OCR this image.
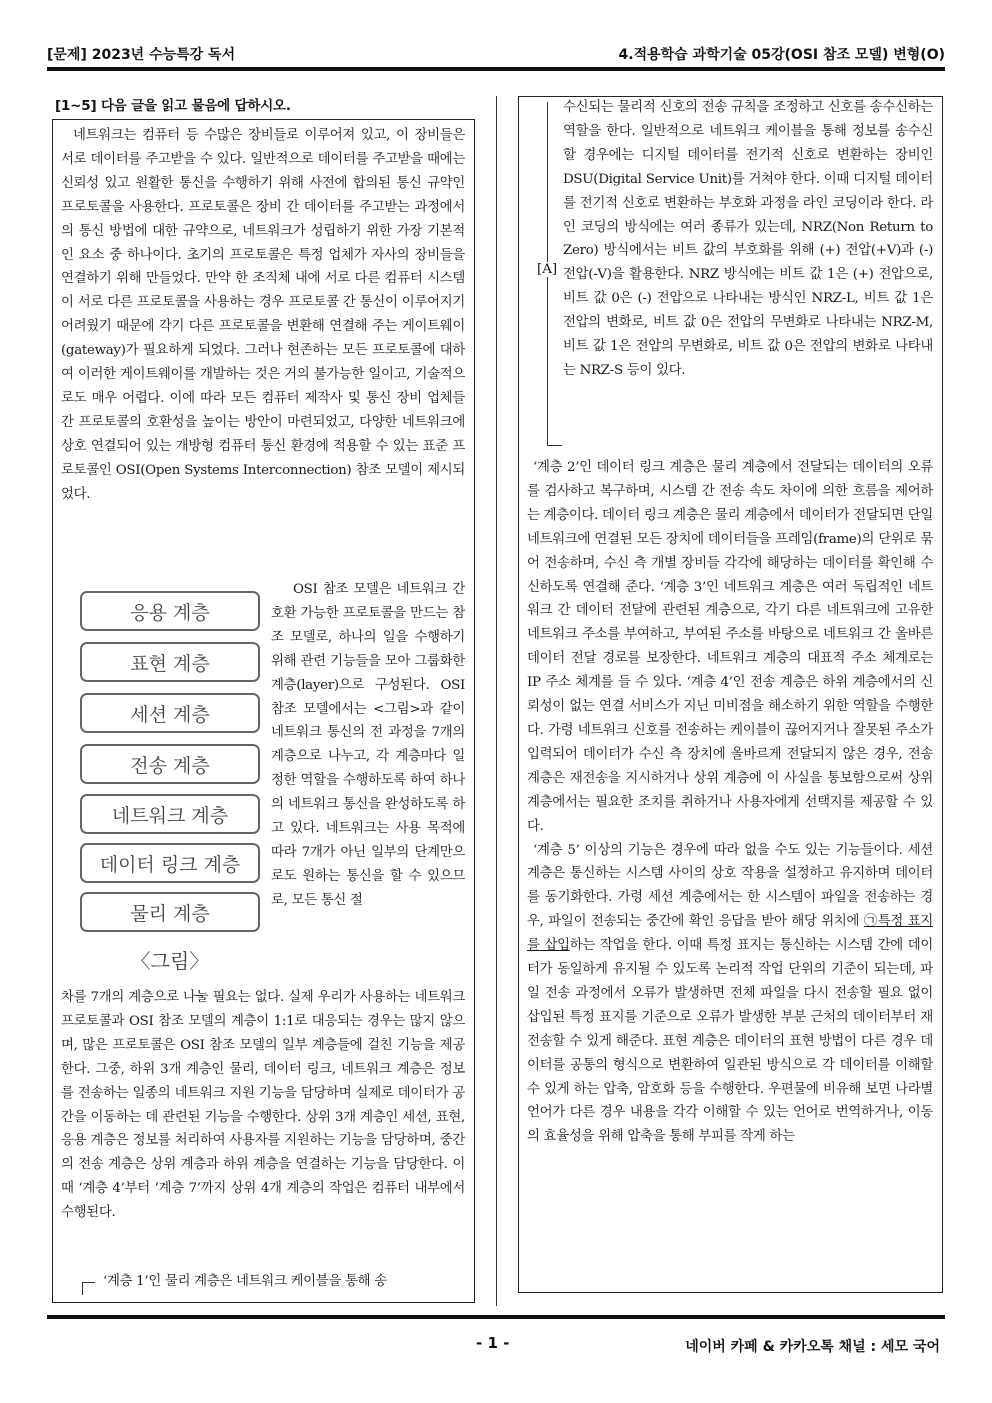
[문제] 2023년 수능특강 독서	4.적용학습 과학기술 05강(OSI 참조 모델) 변형(O)
[1~5] 다음 글을 읽고 물음에 답하시오.

네트워크는 컴퓨터 등 수많은 장비들로 이루어져 있고, 이 장비들은 서로 데이터를 주고받을 수 있다. 일반적으로 데이터를 주고받을 때에는 신뢰성 있고 원활한 통신을 수행하기 위해 사전에 합의된 통신 규약인 프로토콜을 사용한다. 프로토콜은 장비 간 데이터를 주고받는 과정에서의 통신 방법에 대한 규약으로, 네트워크가 성립하기 위한 가장 기본적인 요소 중 하나이다. 초기의 프로토콜은 특정 업체가 자사의 장비들을 연결하기 위해 만들었다. 만약 한 조직체 내에 서로 다른 컴퓨터 시스템이 서로 다른 프로토콜을 사용하는 경우 프로토콜 간 통신이 이루어지기 어려웠기 때문에 각기 다른 프로토콜을 변환해 연결해 주는 게이트웨이(gateway)가 필요하게 되었다. 그러나 현존하는 모든 프로토콜에 대하여 이러한 게이트웨이를 개발하는 것은 거의 불가능한 일이고, 기술적으로도 매우 어렵다. 이에 따라 모든 컴퓨터 제작사 및 통신 장비 업체들 간 프로토콜의 호환성을 높이는 방안이 마련되었고, 다양한 네트워크에 상호 연결되어 있는 개방형 컴퓨터 통신 환경에 적용할 수 있는 표준 프로토콜인 OSI(Open Systems Interconnection) 참조 모델이 제시되었다.

응용 계층
표현 계층
세션 계층
전송 계층
네트워크 계층
데이터 링크 계층
물리 계층
〈그림〉

OSI 참조 모델은 네트워크 간 호환 가능한 프로토콜을 만드는 참조 모델로, 하나의 일을 수행하기 위해 관련 기능들을 모아 그룹화한 계층(layer)으로 구성된다. OSI 참조 모델에서는 <그림>과 같이 네트워크 통신의 전 과정을 7개의 계층으로 나누고, 각 계층마다 일정한 역할을 수행하도록 하여 하나의 네트워크 통신을 완성하도록 하고 있다. 네트워크는 사용 목적에 따라 7개가 아닌 일부의 단계만으로도 원하는 통신을 할 수 있으므로, 모든 통신 절

차를 7개의 계층으로 나눌 필요는 없다. 실제 우리가 사용하는 네트워크 프로토콜과 OSI 참조 모델의 계층이 1:1로 대응되는 경우는 많지 않으며, 많은 프로토콜은 OSI 참조 모델의 일부 계층들에 걸친 기능을 제공한다. 그중, 하위 3개 계층인 물리, 데이터 링크, 네트워크 계층은 정보를 전송하는 일종의 네트워크 지원 기능을 담당하며 실제로 데이터가 공간을 이동하는 데 관련된 기능을 수행한다. 상위 3개 계층인 세션, 표현, 응용 계층은 정보를 처리하여 사용자를 지원하는 기능을 담당하며, 중간의 전송 계층은 상위 계층과 하위 계층을 연결하는 기능을 담당한다. 이때 ‘계층 4’부터 ‘계층 7’까지 상위 4개 계층의 작업은 컴퓨터 내부에서 수행된다.

‘계층 1’인 물리 계층은 네트워크 케이블을 통해 송

[A]

수신되는 물리적 신호의 전송 규칙을 조정하고 신호를 송수신하는 역할을 한다. 일반적으로 네트워크 케이블을 통해 정보를 송수신할 경우에는 디지털 데이터를 전기적 신호로 변환하는 장비인 DSU(Digital Service Unit)를 거쳐야 한다. 이때 디지털 데이터를 전기적 신호로 변환하는 부호화 과정을 라인 코딩이라 한다. 라인 코딩의 방식에는 여러 종류가 있는데, NRZ(Non Return to Zero) 방식에서는 비트 값의 부호화를 위해 (+) 전압(+V)과 (-) 전압(-V)을 활용한다. NRZ 방식에는 비트 값 1은 (+) 전압으로, 비트 값 0은 (-) 전압으로 나타내는 방식인 NRZ-L, 비트 값 1은 전압의 변화로, 비트 값 0은 전압의 무변화로 나타내는 NRZ-M, 비트 값 1은 전압의 무변화로, 비트 값 0은 전압의 변화로 나타내는 NRZ-S 등이 있다.

‘계층 2’인 데이터 링크 계층은 물리 계층에서 전달되는 데이터의 오류를 검사하고 복구하며, 시스템 간 전송 속도 차이에 의한 흐름을 제어하는 계층이다. 데이터 링크 계층은 물리 계층에서 데이터가 전달되면 단일 네트워크에 연결된 모든 장치에 데이터들을 프레임(frame)의 단위로 묶어 전송하며, 수신 측 개별 장비들 각각에 해당하는 데이터를 확인해 수신하도록 연결해 준다. ‘계층 3’인 네트워크 계층은 여러 독립적인 네트워크 간 데이터 전달에 관련된 계층으로, 각기 다른 네트워크에 고유한 네트워크 주소를 부여하고, 부여된 주소를 바탕으로 네트워크 간 올바른 데이터 전달 경로를 보장한다. 네트워크 계층의 대표적 주소 체계로는 IP 주소 체계를 들 수 있다. ‘계층 4’인 전송 계층은 하위 계층에서의 신뢰성이 없는 연결 서비스가 지닌 미비점을 해소하기 위한 역할을 수행한다. 가령 네트워크 신호를 전송하는 케이블이 끊어지거나 잘못된 주소가 입력되어 데이터가 수신 측 장치에 올바르게 전달되지 않은 경우, 전송 계층은 재전송을 지시하거나 상위 계층에 이 사실을 통보함으로써 상위 계층에서는 필요한 조치를 취하거나 사용자에게 선택지를 제공할 수 있다.

‘계층 5’ 이상의 기능은 경우에 따라 없을 수도 있는 기능들이다. 세션 계층은 통신하는 시스템 사이의 상호 작용을 설정하고 유지하며 데이터를 동기화한다. 가령 세션 계층에서는 한 시스템이 파일을 전송하는 경우, 파일이 전송되는 중간에 확인 응답을 받아 해당 위치에 ㉠특정 표지를 삽입하는 작업을 한다. 이때 특정 표지는 통신하는 시스템 간에 데이터가 동일하게 유지될 수 있도록 논리적 작업 단위의 기준이 되는데, 파일 전송 과정에서 오류가 발생하면 전체 파일을 다시 전송할 필요 없이 삽입된 특정 표지를 기준으로 오류가 발생한 부분 근처의 데이터부터 재전송할 수 있게 해준다. 표현 계층은 데이터의 표현 방법이 다른 경우 데이터를 공통의 형식으로 변환하여 일관된 방식으로 각 데이터를 이해할 수 있게 하는 압축, 암호화 등을 수행한다. 우편물에 비유해 보면 나라별 언어가 다른 경우 내용을 각각 이해할 수 있는 언어로 번역하거나, 이동의 효율성을 위해 압축을 통해 부피를 작게 하는

- 1 -	네이버 카페 & 카카오톡 채널 : 세모 국어
